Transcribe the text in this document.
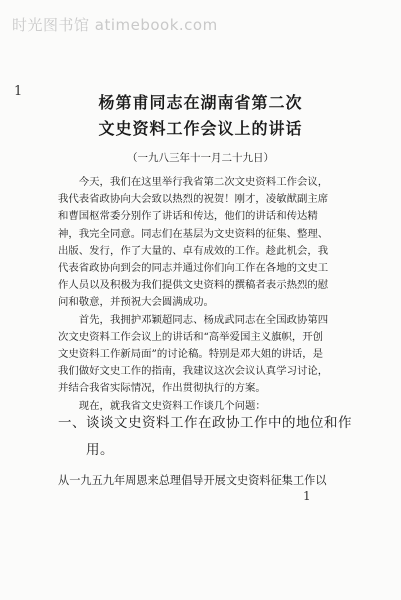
时光图书馆 atimebook.com
1
杨第甫同志在湖南省第二次
文史资料工作会议上的讲话
（一九八三年十一月二十九日）
　　今天，我们在这里举行我省第二次文史资料工作会议，
我代表省政协向大会致以热烈的祝贺！刚才，凌敏猷副主席
和曹国枢常委分别作了讲话和传达，他们的讲话和传达精
神，我完全同意。同志们在基层为文史资料的征集、整理、
出版、发行，作了大量的、卓有成效的工作。趁此机会，我
代表省政协向到会的同志并通过你们向工作在各地的文史工
作人员以及积极为我们提供文史资料的撰稿者表示热烈的慰
问和敬意，并预祝大会圆满成功。
　　首先，我拥护邓颖超同志、杨成武同志在全国政协第四
次文史资料工作会议上的讲话和“高举爱国主义旗帜，开创
文史资料工作新局面”的讨论稿。特别是邓大姐的讲话，是
我们做好文史工作的指南，我建议这次会议认真学习讨论，
并结合我省实际情况，作出贯彻执行的方案。
　　现在，就我省文史资料工作谈几个问题：
一、谈谈文史资料工作在政协工作中的地位和作
　　用。
从一九五九年周恩来总理倡导开展文史资料征集工作以
1
